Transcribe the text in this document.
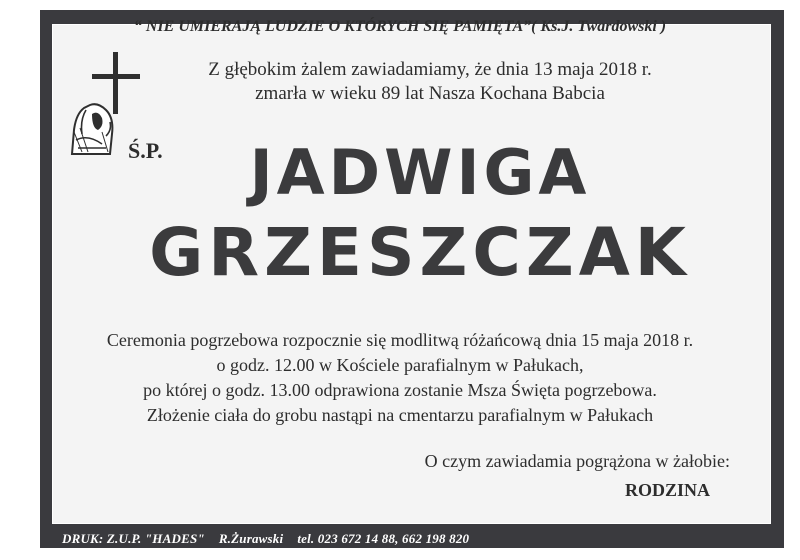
“ NIE UMIERAJĄ LUDZIE O KTÓRYCH SIĘ PAMIĘTA”( Ks.J. Twardowski )
Z głębokim żalem zawiadamiamy, że dnia 13 maja 2018 r.
zmarła w wieku 89 lat Nasza Kochana Babcia
Ś.P.	JADWIGA
GRZESZCZAK
Ceremonia pogrzebowa rozpocznie się modlitwą różańcową dnia 15 maja 2018 r.
o godz. 12.00 w Kościele parafialnym w Pałukach,
po której o godz. 13.00 odprawiona zostanie Msza Święta pogrzebowa.
Złożenie ciała do grobu nastąpi na cmentarzu parafialnym w Pałukach
O czym zawiadamia pogrążona w żałobie:
RODZINA
DRUK: Z.U.P. "HADES" R.Żurawski tel. 023 672 14 88, 662 198 820
